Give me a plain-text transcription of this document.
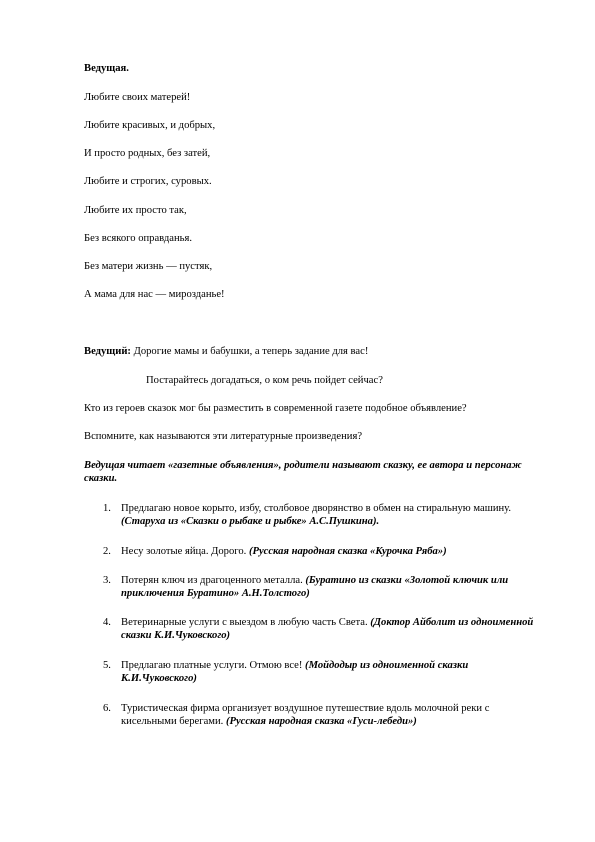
Ведущая.
Любите своих матерей!
Любите красивых, и добрых,
И просто родных, без затей,
Любите и строгих, суровых.
Любите их просто так,
Без всякого оправданья.
Без матери жизнь — пустяк,
А мама для нас — мирозданье!
Ведущий: Дорогие мамы и бабушки, а теперь задание для вас!
Постарайтесь догадаться, о ком речь пойдет сейчас?
Кто из героев сказок мог бы разместить в современной газете подобное объявление?
Вспомните, как называются эти литературные произведения?
Ведущая читает «газетные объявления», родители называют сказку, ее автора и персонаж сказки.
1. Предлагаю новое корыто, избу, столбовое дворянство в обмен на стиральную машину. (Старуха из «Сказки о рыбаке и рыбке» А.С.Пушкина).
2. Несу золотые яйца. Дорого. (Русская народная сказка «Курочка Ряба»)
3. Потерян ключ из драгоценного металла. (Буратино из сказки «Золотой ключик или приключения Буратино» А.Н.Толстого)
4. Ветеринарные услуги с выездом в любую часть Света. (Доктор Айболит из одноименной сказки К.И.Чуковского)
5. Предлагаю платные услуги. Отмою все! (Мойдодыр из одноименной сказки К.И.Чуковского)
6. Туристическая фирма организует воздушное путешествие вдоль молочной реки с кисельными берегами. (Русская народная сказка «Гуси-лебеди»)
